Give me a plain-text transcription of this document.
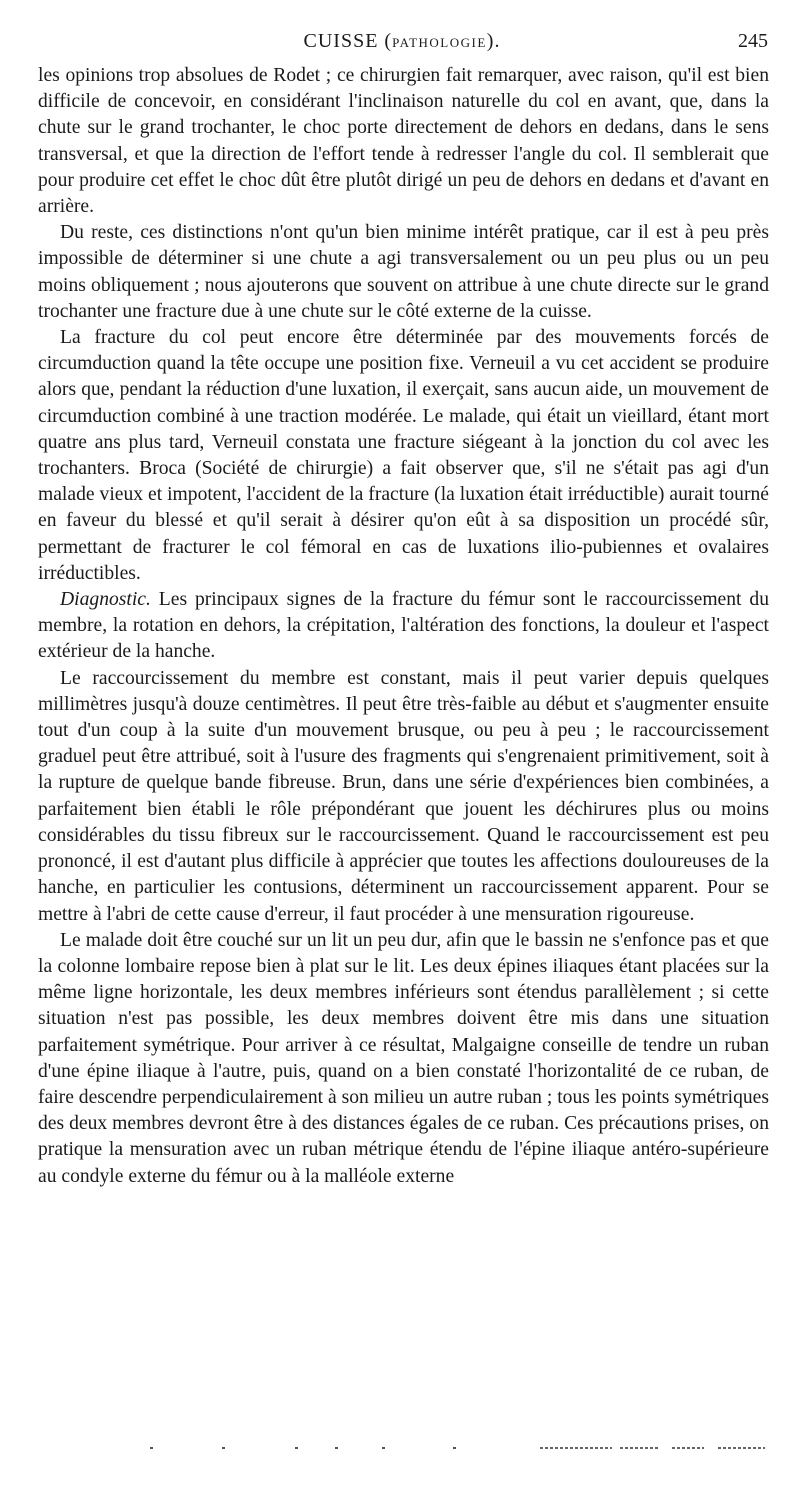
CUISSE (PATHOLOGIE).	245

les opinions trop absolues de Rodet ; ce chirurgien fait remarquer, avec raison, qu'il est bien difficile de concevoir, en considérant l'inclinaison naturelle du col en avant, que, dans la chute sur le grand trochanter, le choc porte directement de dehors en dedans, dans le sens transversal, et que la direction de l'effort tende à redresser l'angle du col. Il semblerait que pour produire cet effet le choc dût être plutôt dirigé un peu de dehors en dedans et d'avant en arrière.

Du reste, ces distinctions n'ont qu'un bien minime intérêt pratique, car il est à peu près impossible de déterminer si une chute a agi transversalement ou un peu plus ou un peu moins obliquement ; nous ajouterons que souvent on attribue à une chute directe sur le grand trochanter une fracture due à une chute sur le côté externe de la cuisse.

La fracture du col peut encore être déterminée par des mouvements forcés de circumduction quand la tête occupe une position fixe. Verneuil a vu cet accident se produire alors que, pendant la réduction d'une luxation, il exerçait, sans aucun aide, un mouvement de circumduction combiné à une traction modérée. Le malade, qui était un vieillard, étant mort quatre ans plus tard, Verneuil constata une fracture siégeant à la jonction du col avec les trochanters. Broca (Société de chirurgie) a fait observer que, s'il ne s'était pas agi d'un malade vieux et impotent, l'accident de la fracture (la luxation était irréductible) aurait tourné en faveur du blessé et qu'il serait à désirer qu'on eût à sa disposition un procédé sûr, permettant de fracturer le col fémoral en cas de luxations ilio-pubiennes et ovalaires irréductibles.

Diagnostic. Les principaux signes de la fracture du fémur sont le raccourcissement du membre, la rotation en dehors, la crépitation, l'altération des fonctions, la douleur et l'aspect extérieur de la hanche.

Le raccourcissement du membre est constant, mais il peut varier depuis quelques millimètres jusqu'à douze centimètres. Il peut être très-faible au début et s'augmenter ensuite tout d'un coup à la suite d'un mouvement brusque, ou peu à peu ; le raccourcissement graduel peut être attribué, soit à l'usure des fragments qui s'engrenaient primitivement, soit à la rupture de quelque bande fibreuse. Brun, dans une série d'expériences bien combinées, a parfaitement bien établi le rôle prépondérant que jouent les déchirures plus ou moins considérables du tissu fibreux sur le raccourcissement. Quand le raccourcissement est peu prononcé, il est d'autant plus difficile à apprécier que toutes les affections douloureuses de la hanche, en particulier les contusions, déterminent un raccourcissement apparent. Pour se mettre à l'abri de cette cause d'erreur, il faut procéder à une mensuration rigoureuse.

Le malade doit être couché sur un lit un peu dur, afin que le bassin ne s'enfonce pas et que la colonne lombaire repose bien à plat sur le lit. Les deux épines iliaques étant placées sur la même ligne horizontale, les deux membres inférieurs sont étendus parallèlement ; si cette situation n'est pas possible, les deux membres doivent être mis dans une situation parfaitement symétrique. Pour arriver à ce résultat, Malgaigne conseille de tendre un ruban d'une épine iliaque à l'autre, puis, quand on a bien constaté l'horizontalité de ce ruban, de faire descendre perpendiculairement à son milieu un autre ruban ; tous les points symétriques des deux membres devront être à des distances égales de ce ruban. Ces précautions prises, on pratique la mensuration avec un ruban métrique étendu de l'épine iliaque antéro-supérieure au condyle externe du fémur ou à la malléole externe
